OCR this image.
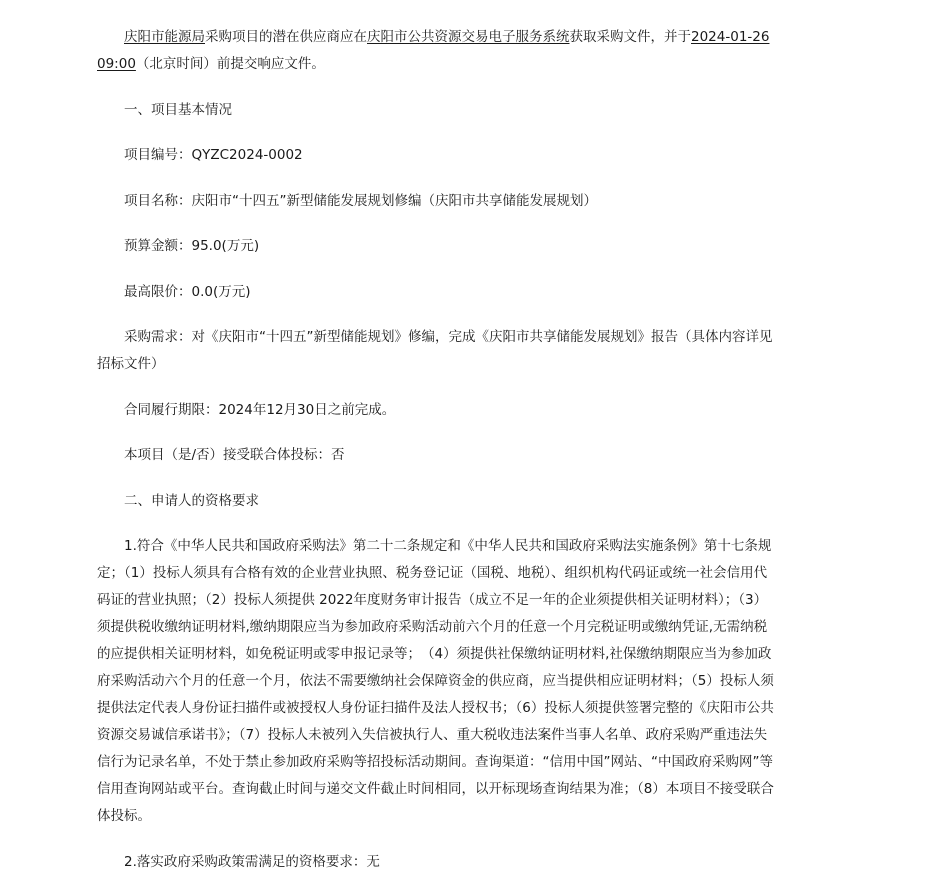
庆阳市能源局采购项目的潜在供应商应在庆阳市公共资源交易电子服务系统获取采购文件，并于2024-01-26 09:00（北京时间）前提交响应文件。

一、项目基本情况

项目编号：QYZC2024-0002

项目名称：庆阳市“十四五”新型储能发展规划修编（庆阳市共享储能发展规划）

预算金额：95.0(万元)

最高限价：0.0(万元)

采购需求：对《庆阳市“十四五”新型储能规划》修编，完成《庆阳市共享储能发展规划》报告（具体内容详见招标文件）

合同履行期限：2024年12月30日之前完成。

本项目（是/否）接受联合体投标：否

二、申请人的资格要求

1.符合《中华人民共和国政府采购法》第二十二条规定和《中华人民共和国政府采购法实施条例》第十七条规定；（1）投标人须具有合格有效的企业营业执照、税务登记证（国税、地税）、组织机构代码证或统一社会信用代码证的营业执照；（2）投标人须提供 2022年度财务审计报告（成立不足一年的企业须提供相关证明材料）；（3）须提供税收缴纳证明材料,缴纳期限应当为参加政府采购活动前六个月的任意一个月完税证明或缴纳凭证,无需纳税的应提供相关证明材料，如免税证明或零申报记录等；　（4）须提供社保缴纳证明材料,社保缴纳期限应当为参加政府采购活动六个月的任意一个月，依法不需要缴纳社会保障资金的供应商，应当提供相应证明材料；（5）投标人须提供法定代表人身份证扫描件或被授权人身份证扫描件及法人授权书；（6）投标人须提供签署完整的《庆阳市公共资源交易诚信承诺书》；（7）投标人未被列入失信被执行人、重大税收违法案件当事人名单、政府采购严重违法失信行为记录名单，不处于禁止参加政府采购等招投标活动期间。查询渠道：“信用中国”网站、“中国政府采购网”等信用查询网站或平台。查询截止时间与递交文件截止时间相同，以开标现场查询结果为准；（8）本项目不接受联合体投标。

2.落实政府采购政策需满足的资格要求：无
